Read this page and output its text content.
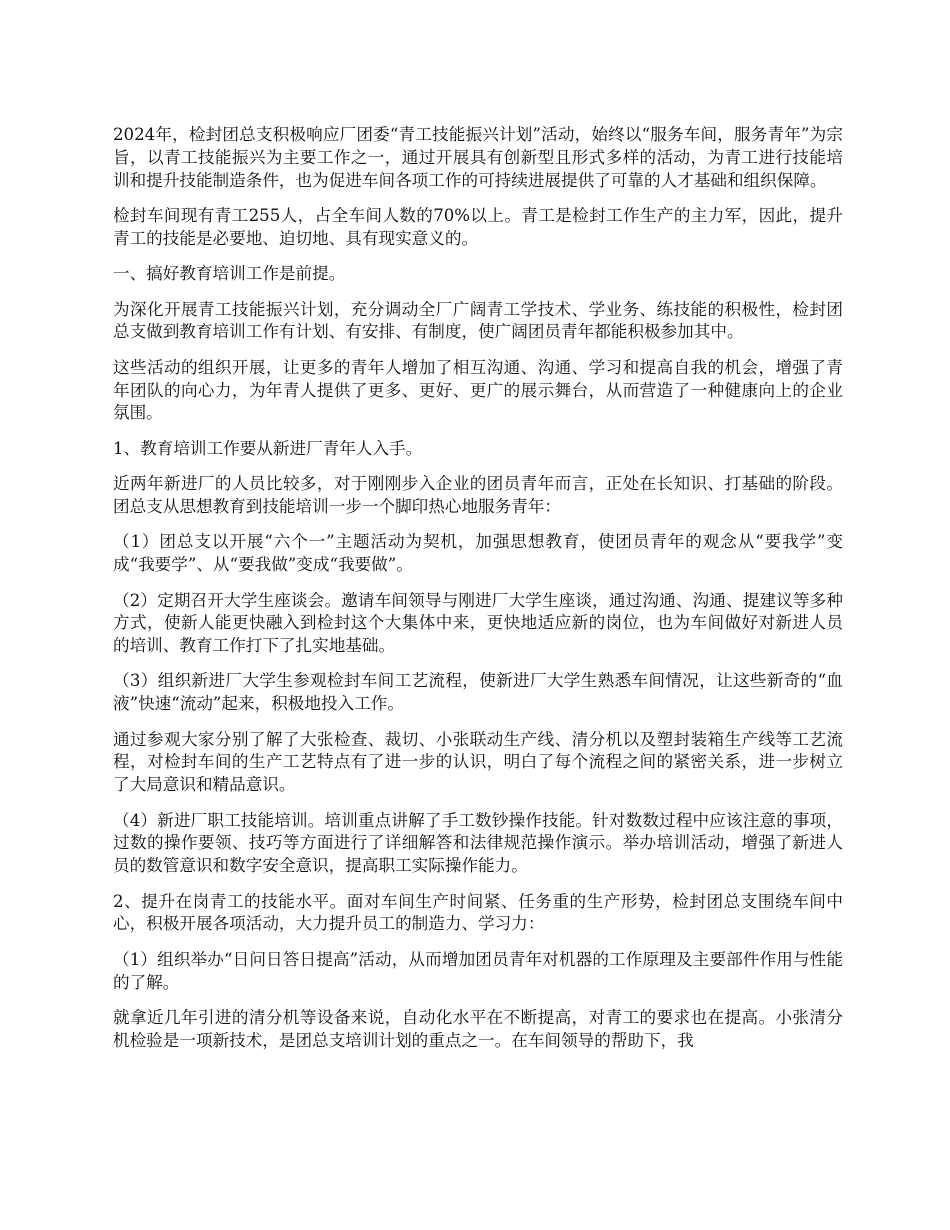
2024年，检封团总支积极响应厂团委“青工技能振兴计划”活动，始终以“服务车间，服务青年”为宗旨，以青工技能振兴为主要工作之一，通过开展具有创新型且形式多样的活动，为青工进行技能培训和提升技能制造条件，也为促进车间各项工作的可持续进展提供了可靠的人才基础和组织保障。

检封车间现有青工255人，占全车间人数的70%以上。青工是检封工作生产的主力军，因此，提升青工的技能是必要地、迫切地、具有现实意义的。

一、搞好教育培训工作是前提。

为深化开展青工技能振兴计划，充分调动全厂广阔青工学技术、学业务、练技能的积极性，检封团总支做到教育培训工作有计划、有安排、有制度，使广阔团员青年都能积极参加其中。

这些活动的组织开展，让更多的青年人增加了相互沟通、沟通、学习和提高自我的机会，增强了青年团队的向心力，为年青人提供了更多、更好、更广的展示舞台，从而营造了一种健康向上的企业氛围。

1、教育培训工作要从新进厂青年人入手。

近两年新进厂的人员比较多，对于刚刚步入企业的团员青年而言，正处在长知识、打基础的阶段。团总支从思想教育到技能培训一步一个脚印热心地服务青年：

（1）团总支以开展“六个一”主题活动为契机，加强思想教育，使团员青年的观念从“要我学”变成“我要学”、从“要我做”变成“我要做”。

（2）定期召开大学生座谈会。邀请车间领导与刚进厂大学生座谈，通过沟通、沟通、提建议等多种方式，使新人能更快融入到检封这个大集体中来，更快地适应新的岗位，也为车间做好对新进人员的培训、教育工作打下了扎实地基础。

（3）组织新进厂大学生参观检封车间工艺流程，使新进厂大学生熟悉车间情况，让这些新奇的“血液”快速“流动”起来，积极地投入工作。

通过参观大家分别了解了大张检查、裁切、小张联动生产线、清分机以及塑封装箱生产线等工艺流程，对检封车间的生产工艺特点有了进一步的认识，明白了每个流程之间的紧密关系，进一步树立了大局意识和精品意识。

（4）新进厂职工技能培训。培训重点讲解了手工数钞操作技能。针对数数过程中应该注意的事项，过数的操作要领、技巧等方面进行了详细解答和法律规范操作演示。举办培训活动，增强了新进人员的数管意识和数字安全意识，提高职工实际操作能力。

2、提升在岗青工的技能水平。面对车间生产时间紧、任务重的生产形势，检封团总支围绕车间中心，积极开展各项活动，大力提升员工的制造力、学习力：

（1）组织举办“日问日答日提高”活动，从而增加团员青年对机器的工作原理及主要部件作用与性能的了解。

就拿近几年引进的清分机等设备来说，自动化水平在不断提高，对青工的要求也在提高。小张清分机检验是一项新技术，是团总支培训计划的重点之一。在车间领导的帮助下，我
